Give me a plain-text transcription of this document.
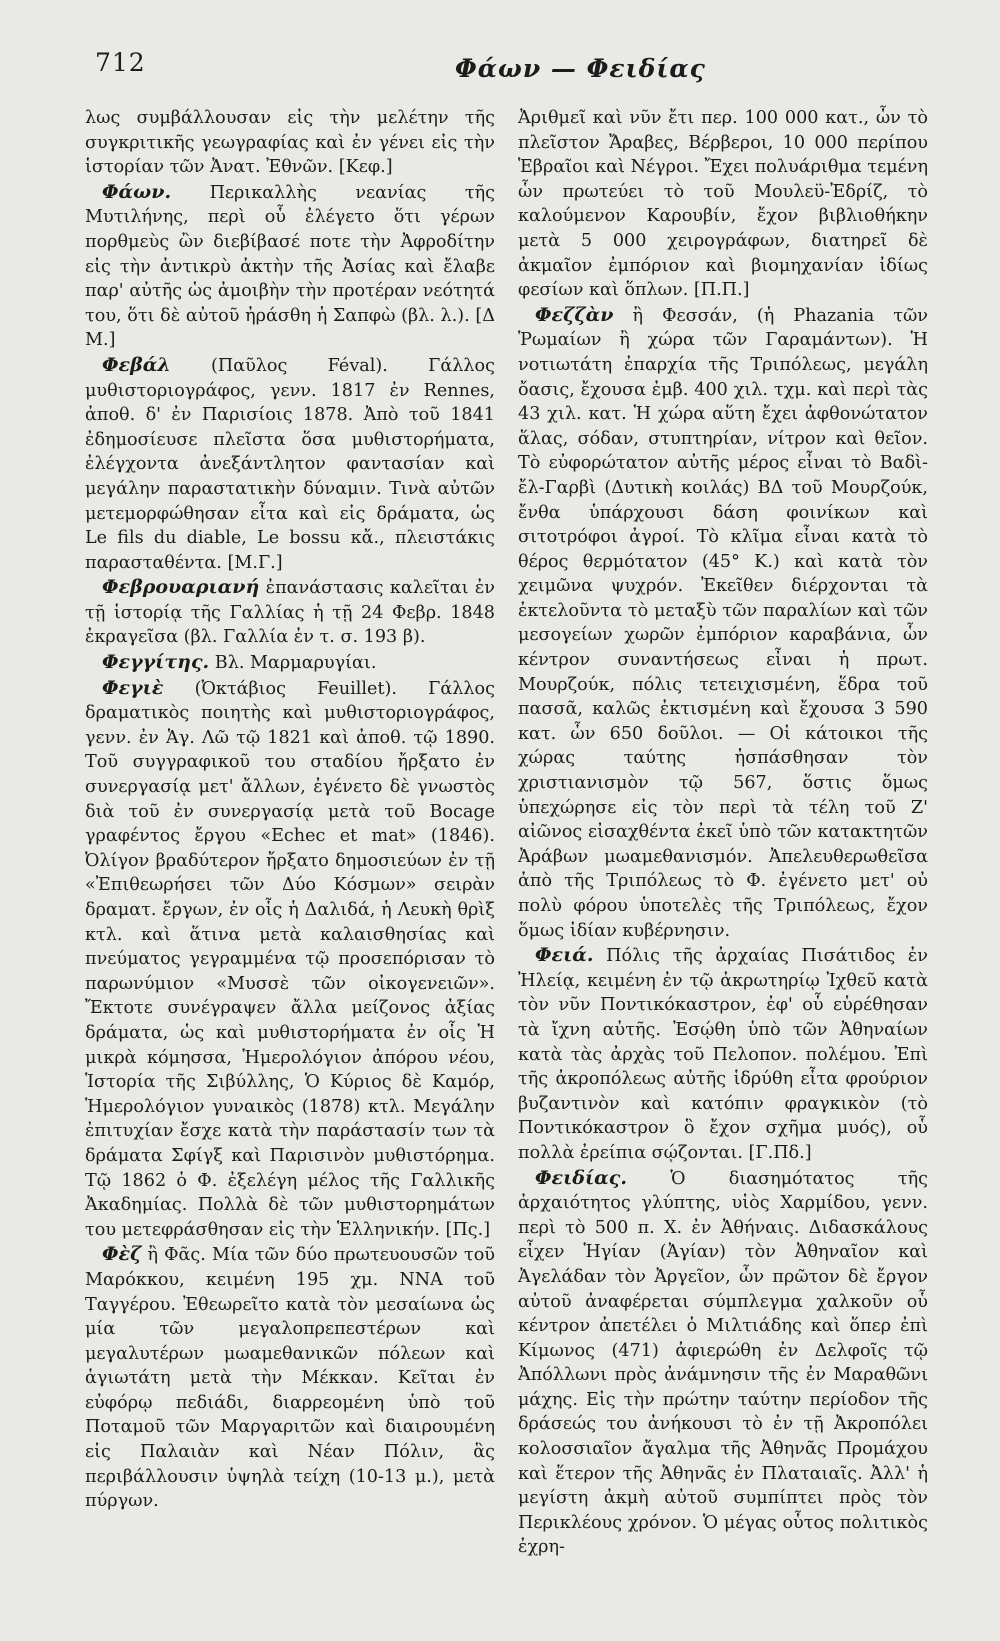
712	Φάων — Φειδίας

λως συμβάλλουσαν εἰς τὴν μελέτην τῆς συγκριτικῆς γεωγραφίας καὶ ἐν γένει εἰς τὴν ἱστορίαν τῶν Ἀνατ. Ἐθνῶν. [Κεφ.]

Φάων. Περικαλλὴς νεανίας τῆς Μυτιλήνης, περὶ οὗ ἐλέγετο ὅτι γέρων πορθμεὺς ὢν διεβίβασέ ποτε τὴν Ἀφροδίτην εἰς τὴν ἀντικρὺ ἀκτὴν τῆς Ἀσίας καὶ ἔλαβε παρ' αὐτῆς ὡς ἀμοιβὴν τὴν προτέραν νεότητά του, ὅτι δὲ αὐτοῦ ἠράσθη ἡ Σαπφὼ (βλ. λ.). [Δ Μ.]

Φεβάλ (Παῦλος Féval). Γάλλος μυθιστοριογράφος, γενν. 1817 ἐν Rennes, ἀποθ. δ' ἐν Παρισίοις 1878. Ἀπὸ τοῦ 1841 ἐδημοσίευσε πλεῖστα ὅσα μυθιστορήματα, ἐλέγχοντα ἀνεξάντλητον φαντασίαν καὶ μεγάλην παραστατικὴν δύναμιν. Τινὰ αὐτῶν μετεμορφώθησαν εἶτα καὶ εἰς δράματα, ὡς Le fils du diable, Le bossu κἄ., πλειστάκις παρασταθέντα. [Μ.Γ.]

Φεβρουαριανή ἐπανάστασις καλεῖται ἐν τῇ ἱστορίᾳ τῆς Γαλλίας ἡ τῇ 24 Φεβρ. 1848 ἐκραγεῖσα (βλ. Γαλλία ἐν τ. σ. 193 β).

Φεγγίτης. Βλ. Μαρμαρυγίαι.

Φεγιὲ (Ὀκτάβιος Feuillet). Γάλλος δραματικὸς ποιητὴς καὶ μυθιστοριογράφος, γενν. ἐν Ἁγ. Λῶ τῷ 1821 καὶ ἀποθ. τῷ 1890. Τοῦ συγγραφικοῦ του σταδίου ἤρξατο ἐν συνεργασίᾳ μετ' ἄλλων, ἐγένετο δὲ γνωστὸς διὰ τοῦ ἐν συνεργασίᾳ μετὰ τοῦ Bocage γραφέντος ἔργου «Echec et mat» (1846). Ὀλίγον βραδύτερον ἤρξατο δημοσιεύων ἐν τῇ «Ἐπιθεωρήσει τῶν Δύο Κόσμων» σειρὰν δραματ. ἔργων, ἐν οἷς ἡ Δαλιδά, ἡ Λευκὴ θρὶξ κτλ. καὶ ἅτινα μετὰ καλαισθησίας καὶ πνεύματος γεγραμμένα τῷ προσεπόρισαν τὸ παρωνύμιον «Μυσσὲ τῶν οἰκογενειῶν». Ἔκτοτε συνέγραψεν ἄλλα μείζονος ἀξίας δράματα, ὡς καὶ μυθιστορήματα ἐν οἷς Ἡ μικρὰ κόμησσα, Ἡμερολόγιον ἀπόρου νέου, Ἱστορία τῆς Σιβύλλης, Ὁ Κύριος δὲ Καμόρ, Ἡμερολόγιον γυναικὸς (1878) κτλ. Μεγάλην ἐπιτυχίαν ἔσχε κατὰ τὴν παράστασίν των τὰ δράματα Σφίγξ καὶ Παρισινὸν μυθιστόρημα. Τῷ 1862 ὁ Φ. ἐξελέγη μέλος τῆς Γαλλικῆς Ἀκαδημίας. Πολλὰ δὲ τῶν μυθιστορημάτων του μετεφράσθησαν εἰς τὴν Ἑλληνικήν. [Πς.]

Φὲζ ἢ Φᾶς. Μία τῶν δύο πρωτευουσῶν τοῦ Μαρόκκου, κειμένη 195 χμ. ΝΝΑ τοῦ Ταγγέρου. Ἐθεωρεῖτο κατὰ τὸν μεσαίωνα ὡς μία τῶν μεγαλοπρεπεστέρων καὶ μεγαλυτέρων μωαμεθανικῶν πόλεων καὶ ἁγιωτάτη μετὰ τὴν Μέκκαν. Κεῖται ἐν εὐφόρῳ πεδιάδι, διαρρεομένη ὑπὸ τοῦ Ποταμοῦ τῶν Μαργαριτῶν καὶ διαιρουμένη εἰς Παλαιὰν καὶ Νέαν Πόλιν, ἃς περιβάλλουσιν ὑψηλὰ τείχη (10-13 μ.), μετὰ πύργων.

Ἀριθμεῖ καὶ νῦν ἔτι περ. 100 000 κατ., ὧν τὸ πλεῖστον Ἄραβες, Βέρβεροι, 10 000 περίπου Ἑβραῖοι καὶ Νέγροι. Ἔχει πολυάριθμα τεμένη ὧν πρωτεύει τὸ τοῦ Μουλεϋ-Ἐδρίζ, τὸ καλούμενον Καρουβίν, ἔχον βιβλιοθήκην μετὰ 5 000 χειρογράφων, διατηρεῖ δὲ ἀκμαῖον ἐμπόριον καὶ βιομηχανίαν ἰδίως φεσίων καὶ ὅπλων. [Π.Π.]

Φεζζὰν ἢ Φεσσάν, (ἡ Phazania τῶν Ῥωμαίων ἢ χώρα τῶν Γαραμάντων). Ἡ νοτιωτάτη ἐπαρχία τῆς Τριπόλεως, μεγάλη ὄασις, ἔχουσα ἐμβ. 400 χιλ. τχμ. καὶ περὶ τὰς 43 χιλ. κατ. Ἡ χώρα αὕτη ἔχει ἀφθονώτατον ἅλας, σόδαν, στυπτηρίαν, νίτρον καὶ θεῖον. Τὸ εὐφορώτατον αὐτῆς μέρος εἶναι τὸ Βαδὶ-ἔλ-Γαρβὶ (Δυτικὴ κοιλάς) ΒΔ τοῦ Μουρζούκ, ἔνθα ὑπάρχουσι δάση φοινίκων καὶ σιτοτρόφοι ἀγροί. Τὸ κλῖμα εἶναι κατὰ τὸ θέρος θερμότατον (45° Κ.) καὶ κατὰ τὸν χειμῶνα ψυχρόν. Ἐκεῖθεν διέρχονται τὰ ἐκτελοῦντα τὸ μεταξὺ τῶν παραλίων καὶ τῶν μεσογείων χωρῶν ἐμπόριον καραβάνια, ὧν κέντρον συναντήσεως εἶναι ἡ πρωτ. Μουρζούκ, πόλις τετειχισμένη, ἕδρα τοῦ πασσᾶ, καλῶς ἐκτισμένη καὶ ἔχουσα 3 590 κατ. ὧν 650 δοῦλοι. — Οἱ κάτοικοι τῆς χώρας ταύτης ἠσπάσθησαν τὸν χριστιανισμὸν τῷ 567, ὅστις ὅμως ὑπεχώρησε εἰς τὸν περὶ τὰ τέλη τοῦ Ζ' αἰῶνος εἰσαχθέντα ἐκεῖ ὑπὸ τῶν κατακτητῶν Ἀράβων μωαμεθανισμόν. Ἀπελευθερωθεῖσα ἀπὸ τῆς Τριπόλεως τὸ Φ. ἐγένετο μετ' οὐ πολὺ φόρου ὑποτελὲς τῆς Τριπόλεως, ἔχον ὅμως ἰδίαν κυβέρνησιν.

Φειά. Πόλις τῆς ἀρχαίας Πισάτιδος ἐν Ἠλείᾳ, κειμένη ἐν τῷ ἀκρωτηρίῳ Ἰχθεῦ κατὰ τὸν νῦν Ποντικόκαστρον, ἐφ' οὗ εὑρέθησαν τὰ ἴχνη αὐτῆς. Ἐσῴθη ὑπὸ τῶν Ἀθηναίων κατὰ τὰς ἀρχὰς τοῦ Πελοπον. πολέμου. Ἐπὶ τῆς ἀκροπόλεως αὐτῆς ἱδρύθη εἶτα φρούριον βυζαντινὸν καὶ κατόπιν φραγκικὸν (τὸ Ποντικόκαστρον ὃ ἔχον σχῆμα μυός), οὗ πολλὰ ἐρείπια σῴζονται. [Γ.Πδ.]

Φειδίας. Ὁ διασημότατος τῆς ἀρχαιότητος γλύπτης, υἱὸς Χαρμίδου, γενν. περὶ τὸ 500 π. Χ. ἐν Ἀθήναις. Διδασκάλους εἶχεν Ἡγίαν (Ἀγίαν) τὸν Ἀθηναῖον καὶ Ἀγελάδαν τὸν Ἀργεῖον, ὧν πρῶτον δὲ ἔργον αὐτοῦ ἀναφέρεται σύμπλεγμα χαλκοῦν οὗ κέντρον ἀπετέλει ὁ Μιλτιάδης καὶ ὅπερ ἐπὶ Κίμωνος (471) ἀφιερώθη ἐν Δελφοῖς τῷ Ἀπόλλωνι πρὸς ἀνάμνησιν τῆς ἐν Μαραθῶνι μάχης. Εἰς τὴν πρώτην ταύτην περίοδον τῆς δράσεώς του ἀνήκουσι τὸ ἐν τῇ Ἀκροπόλει κολοσσιαῖον ἄγαλμα τῆς Ἀθηνᾶς Προμάχου καὶ ἕτερον τῆς Ἀθηνᾶς ἐν Πλαταιαῖς. Ἀλλ' ἡ μεγίστη ἀκμὴ αὐτοῦ συμπίπτει πρὸς τὸν Περικλέους χρόνον. Ὁ μέγας οὗτος πολιτικὸς ἐχρη-
